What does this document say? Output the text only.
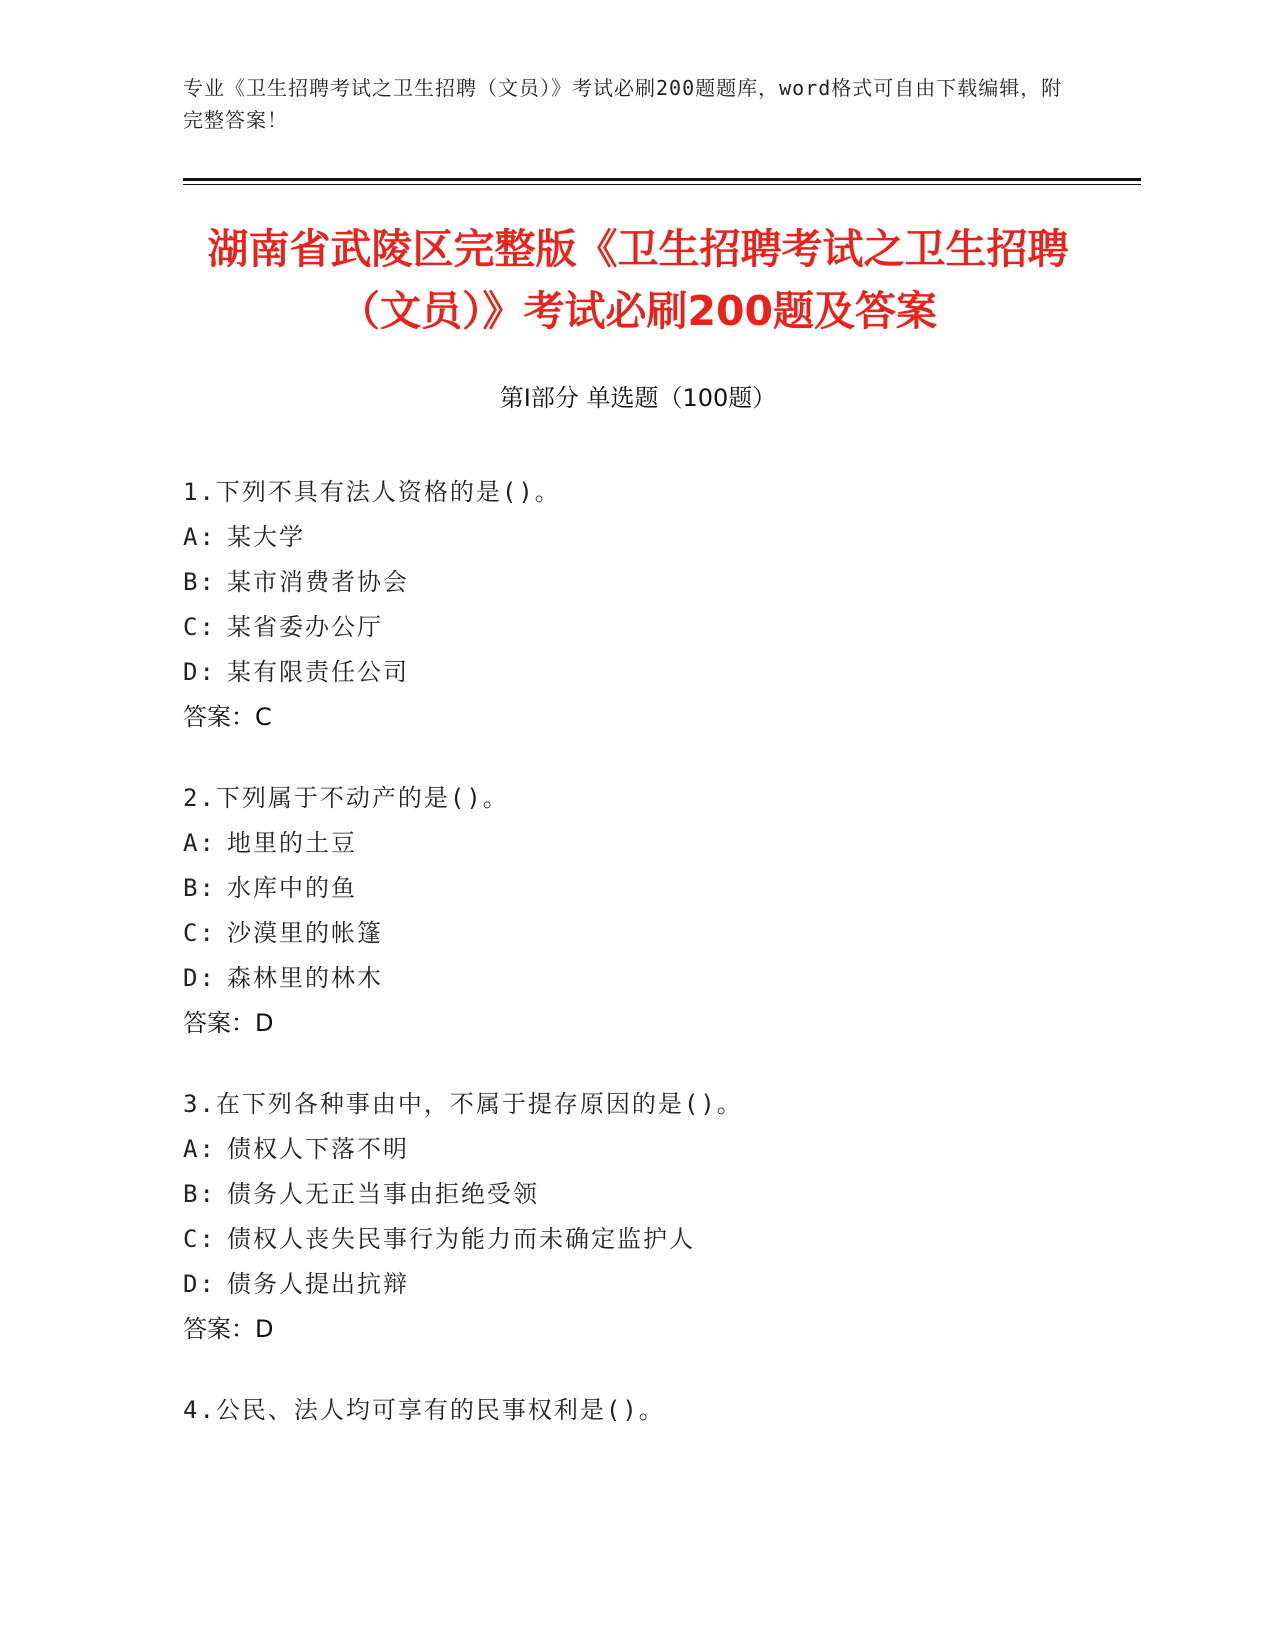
专业《卫生招聘考试之卫生招聘（文员）》考试必刷200题题库，word格式可自由下载编辑，附完整答案！
湖南省武陵区完整版《卫生招聘考试之卫生招聘（文员）》考试必刷200题及答案
第Ⅰ部分 单选题（100题）
1.下列不具有法人资格的是()。
A: 某大学
B: 某市消费者协会
C: 某省委办公厅
D: 某有限责任公司
答案：C
2.下列属于不动产的是()。
A: 地里的土豆
B: 水库中的鱼
C: 沙漠里的帐篷
D: 森林里的林木
答案：D
3.在下列各种事由中，不属于提存原因的是()。
A: 债权人下落不明
B: 债务人无正当事由拒绝受领
C: 债权人丧失民事行为能力而未确定监护人
D: 债务人提出抗辩
答案：D
4.公民、法人均可享有的民事权利是()。
